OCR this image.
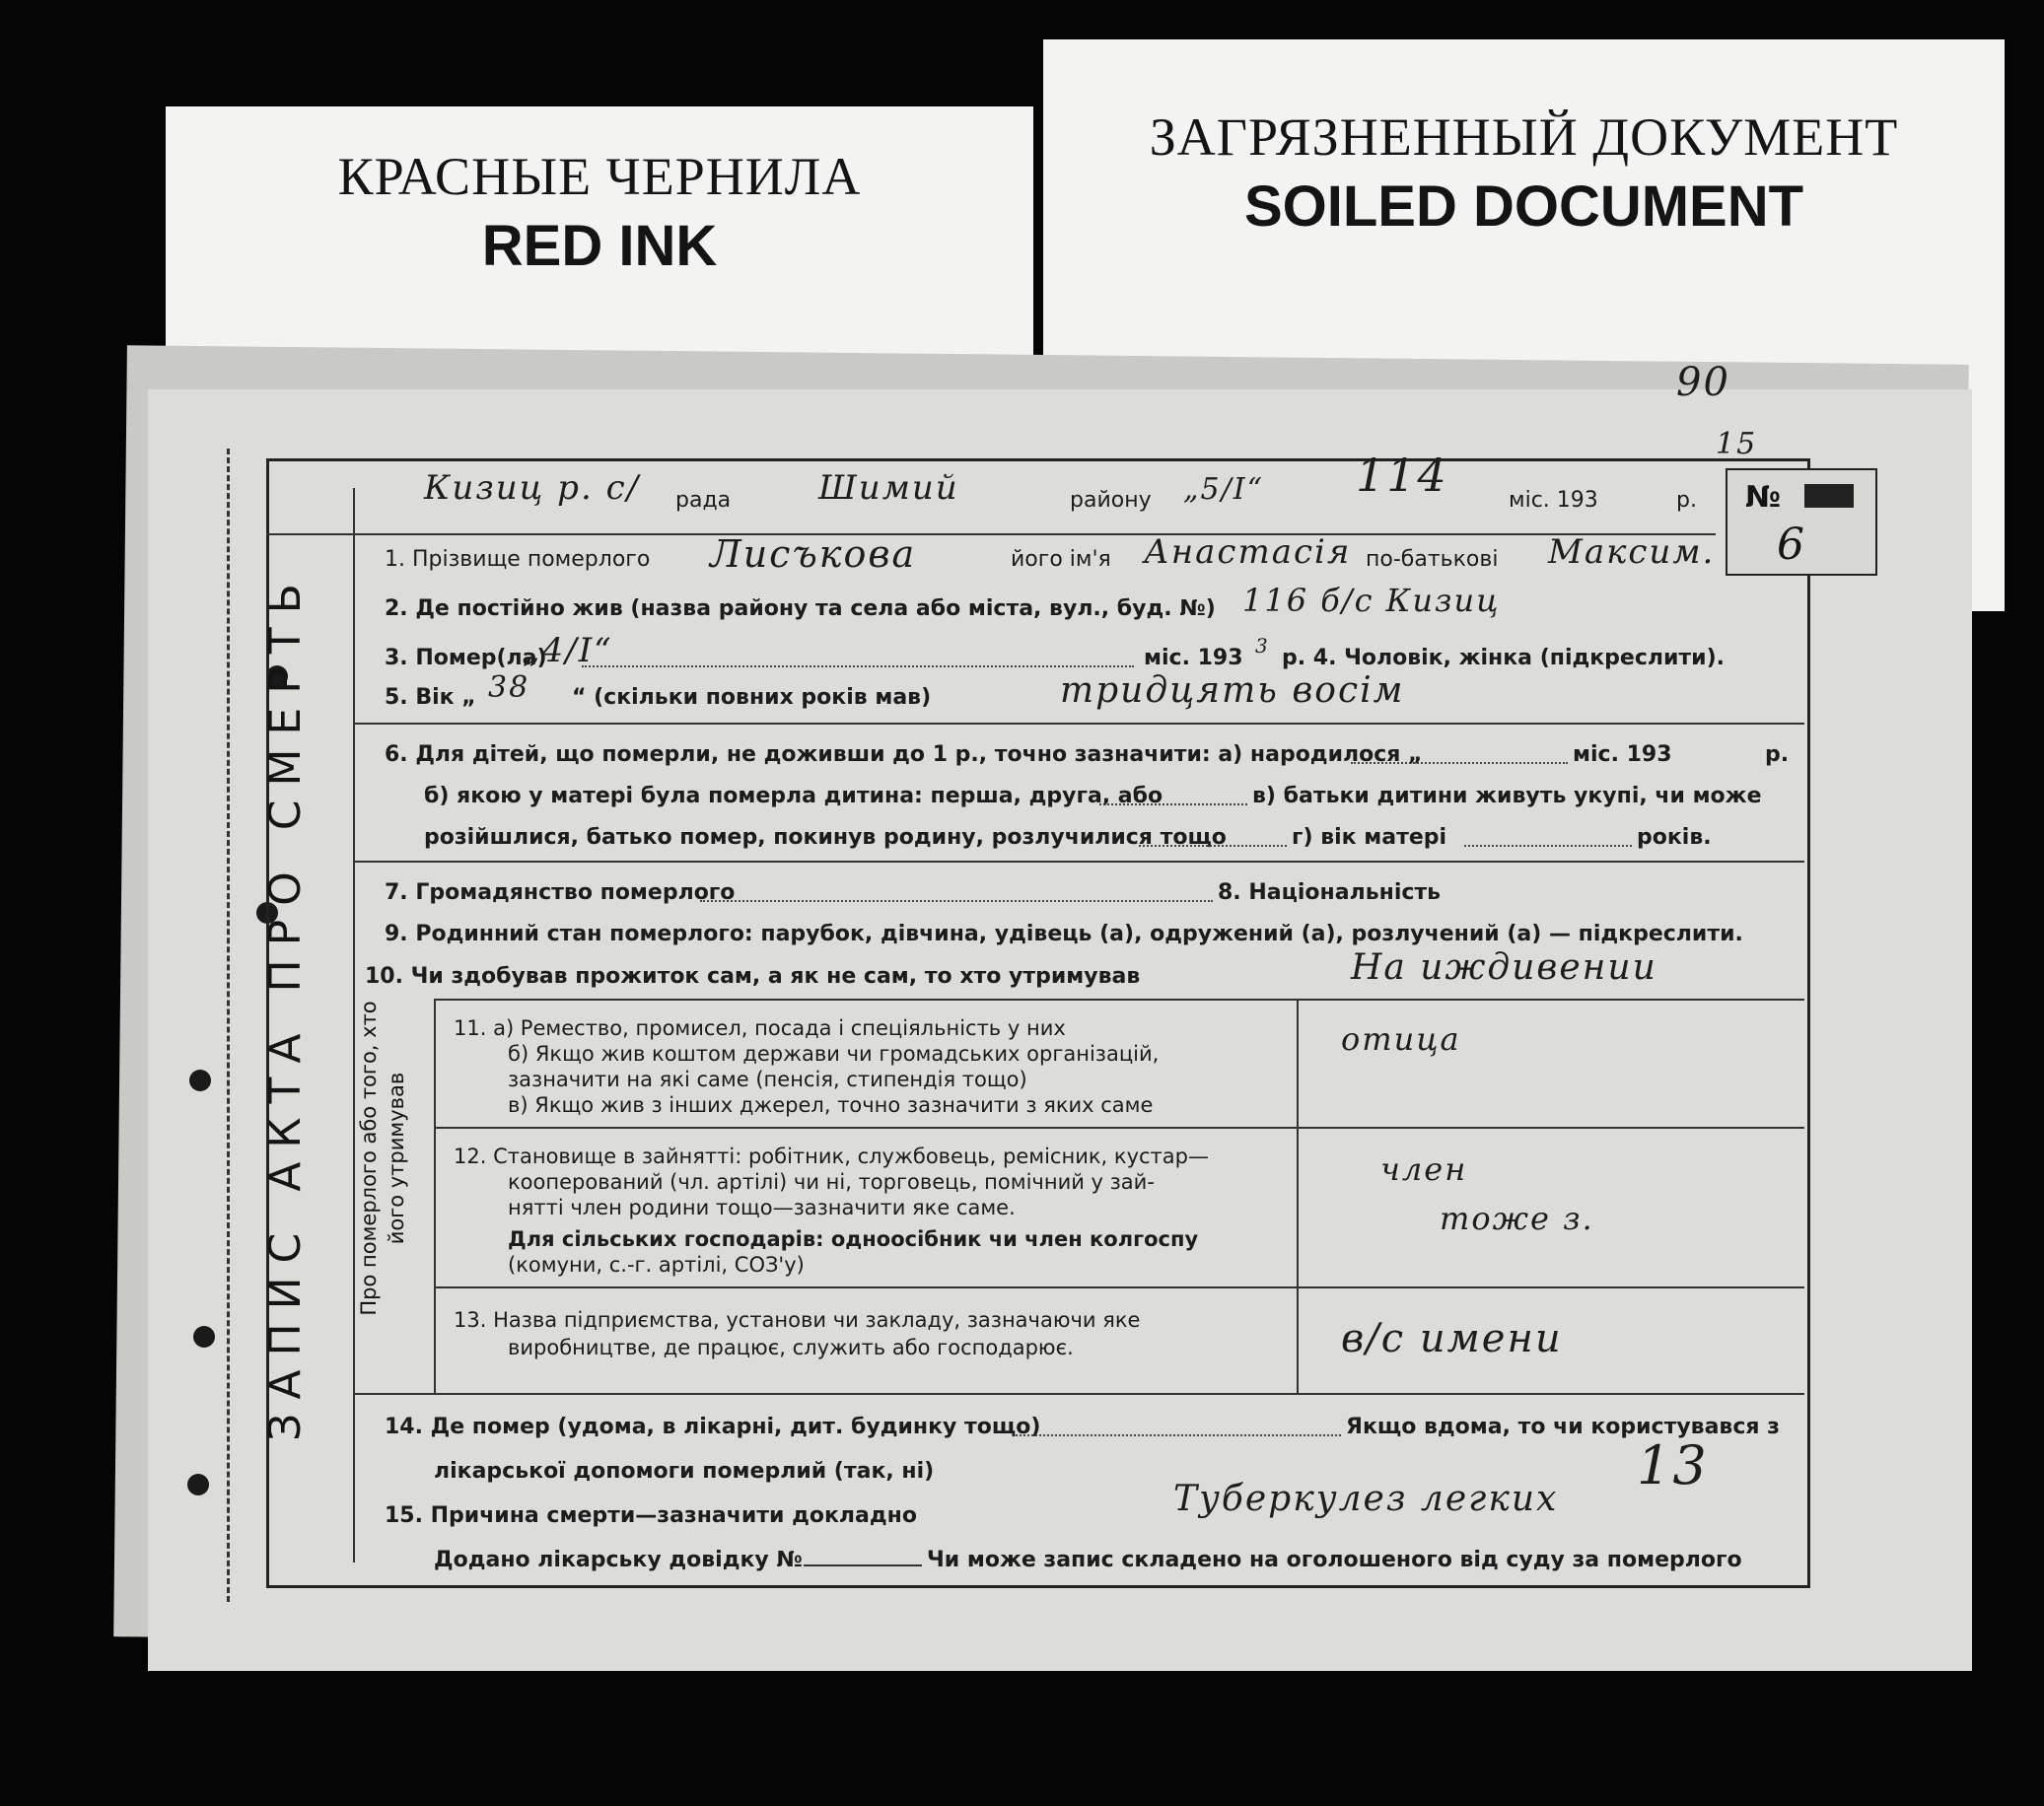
КРАСНЫЕ ЧЕРНИЛА
RED INK
ЗАГРЯЗНЕННЫЙ ДОКУМЕНТ
SOILED DOCUMENT
90
15
ЗАПИС АКТА ПРО СМЕРТЬ
№
6
Кизиц р. с/ рада	Шимий	району „5/І“ 114	міс. 193	р.
1. Прізвище померлого Лисъкова	його ім'я Анастасія по-батькові Максим.
2. Де постійно жив (назва району та села або міста, вул., буд. №) 116 б/с Кизиц
3. Помер(ла)
„4/І“	міс. 193 3 р. 4. Чоловік, жінка (підкреслити).
5. Вік „ 38 “ (скільки повних років мав)	тридцять восім
6. Для дітей, що померли, не доживши до 1 р., точно зазначити: а) народилося „	міс. 193	р.
б) якою у матері була померла дитина: перша, друга, або	в) батьки дитини живуть укупі, чи може
розійшлися, батько помер, покинув родину, розлучилися тощо	г) вік матері	років.
7. Громадянство померлого	8. Національність
9. Родинний стан померлого: парубок, дівчина, удівець (а), одружений (а), розлучений (а) — підкреслити.
10. Чи здобував прожиток сам, а як не сам, то хто утримував	На иждивении
Про померлого або того, хто його утримував
11. а) Ремество, промисел, посада і спеціяльність у них
б) Якщо жив коштом держави чи громадських організацій,
зазначити на які саме (пенсія, стипендія тощо)
в) Якщо жив з інших джерел, точно зазначити з яких саме
отица
12. Становище в зайнятті: робітник, службовець, ремісник, кустар—
кооперований (чл. артілі) чи ні, торговець, помічний у зай-
нятті член родини тощо—зазначити яке саме.
Для сільських господарів: одноосібник чи член колгоспу
(комуни, с.-г. артілі, СОЗ'у)
член
тоже з.
13. Назва підприємства, установи чи закладу, зазначаючи яке
виробництве, де працює, служить або господарює.	в/с имени
14. Де помер (удома, в лікарні, дит. будинку тощо)	Якщо вдома, то чи користувався з
лікарської допомоги померлий (так, ні)	13
15. Причина смерти—зазначити докладно	Туберкулез легких
Додано лікарську довідку №	Чи може запис складено на оголошеного від суду за померлого
